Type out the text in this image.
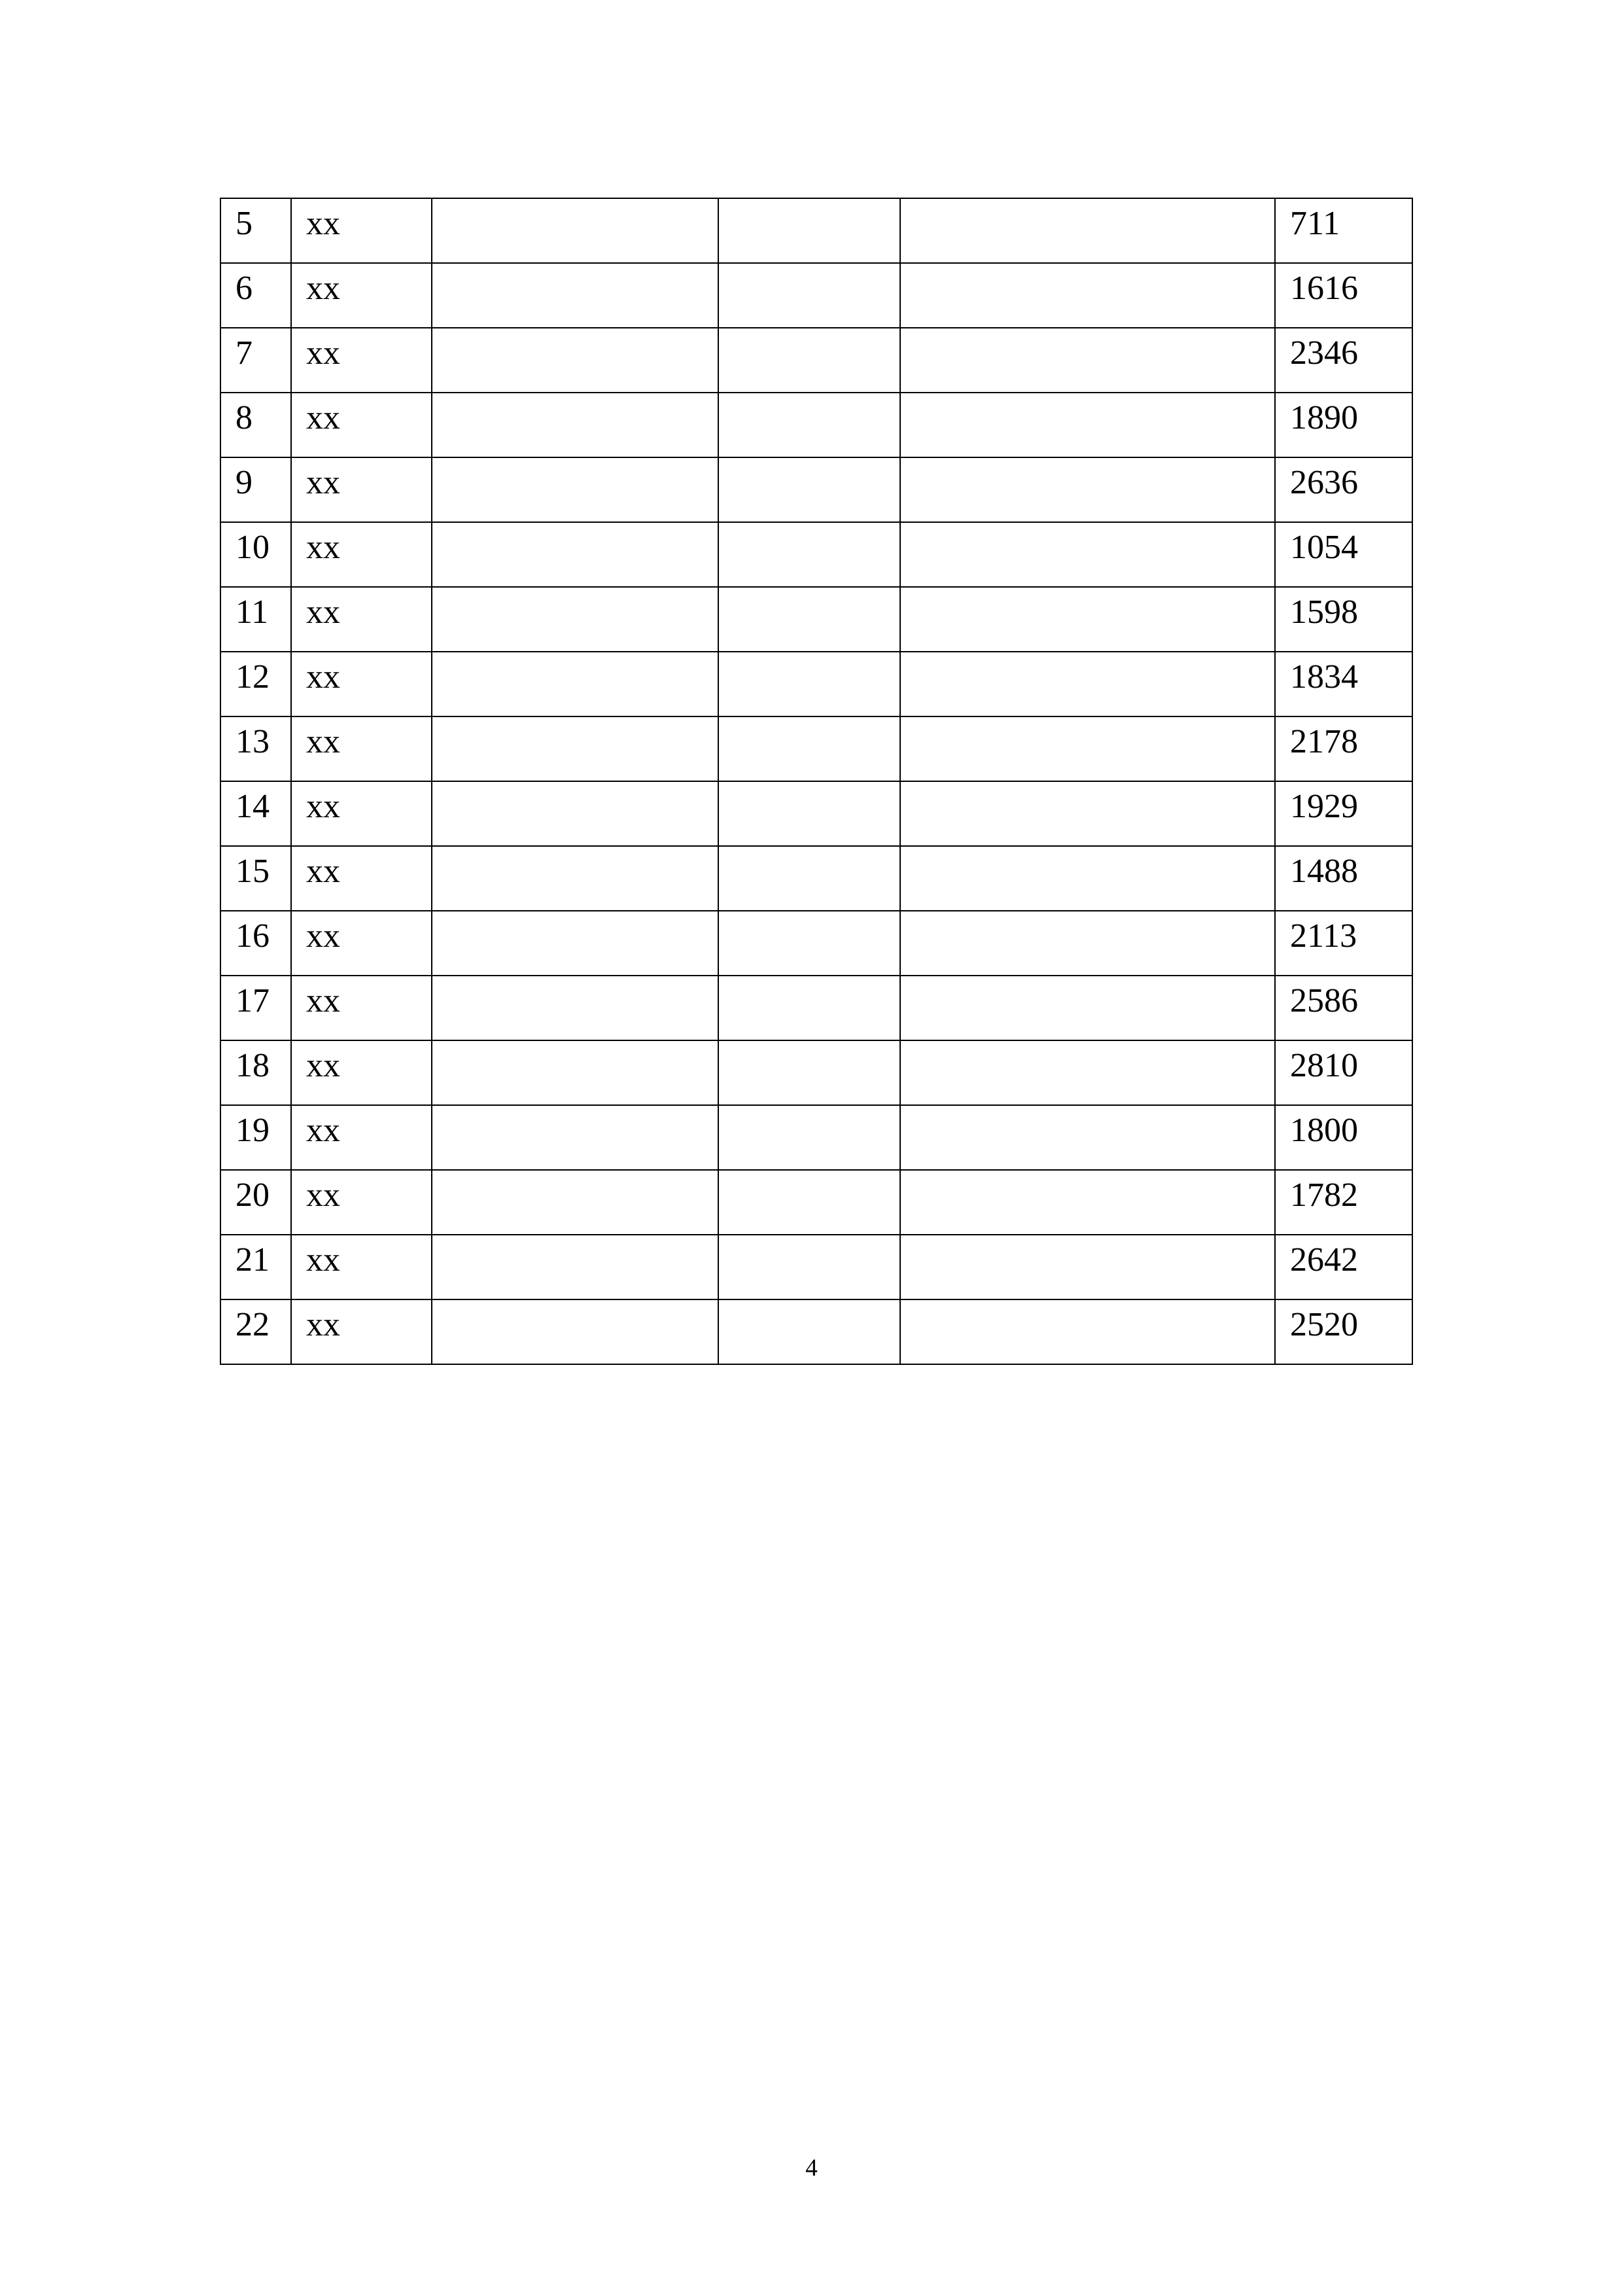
5	xx				711
6	xx				1616
7	xx				2346
8	xx				1890
9	xx				2636
10	xx				1054
11	xx				1598
12	xx				1834
13	xx				2178
14	xx				1929
15	xx				1488
16	xx				2113
17	xx				2586
18	xx				2810
19	xx				1800
20	xx				1782
21	xx				2642
22	xx				2520
4
